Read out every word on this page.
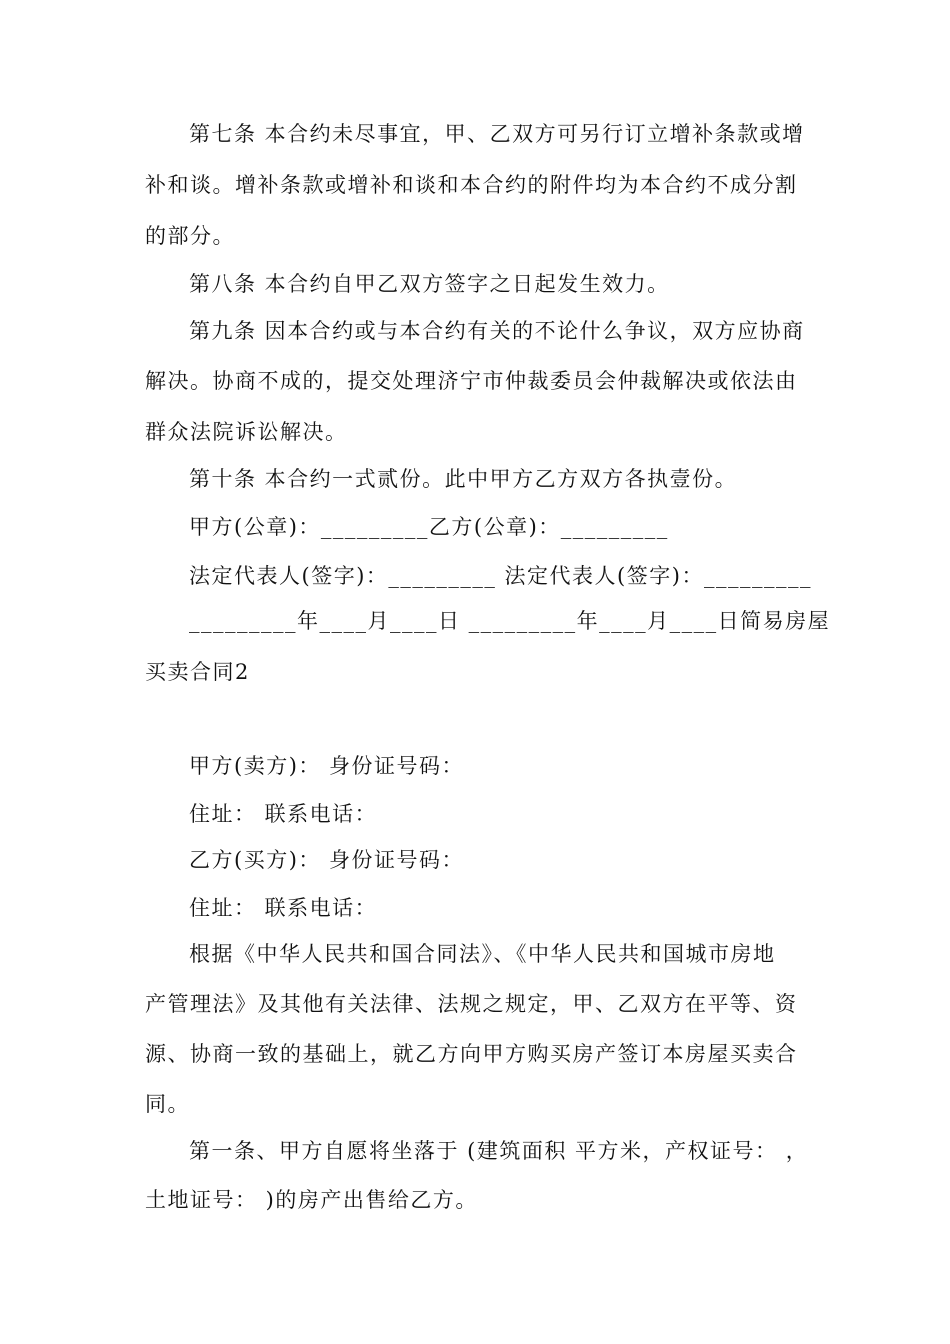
第七条 本合约未尽事宜，甲、乙双方可另行订立增补条款或增
补和谈。增补条款或增补和谈和本合约的附件均为本合约不成分割
的部分。
第八条 本合约自甲乙双方签字之日起发生效力。
第九条 因本合约或与本合约有关的不论什么争议，双方应协商
解决。协商不成的，提交处理济宁市仲裁委员会仲裁解决或依法由
群众法院诉讼解决。
第十条 本合约一式贰份。此中甲方乙方双方各执壹份。
甲方(公章)：_________乙方(公章)：_________
法定代表人(签字)：_________ 法定代表人(签字)：_________
_________年____月____日 _________年____月____日简易房屋
买卖合同2
甲方(卖方)： 身份证号码：
住址： 联系电话：
乙方(买方)： 身份证号码：
住址： 联系电话：
根据《中华人民共和国合同法》、《中华人民共和国城市房地
产管理法》及其他有关法律、法规之规定，甲、乙双方在平等、资
源、协商一致的基础上，就乙方向甲方购买房产签订本房屋买卖合
同。
第一条、甲方自愿将坐落于 (建筑面积 平方米，产权证号： ，
土地证号： )的房产出售给乙方。
